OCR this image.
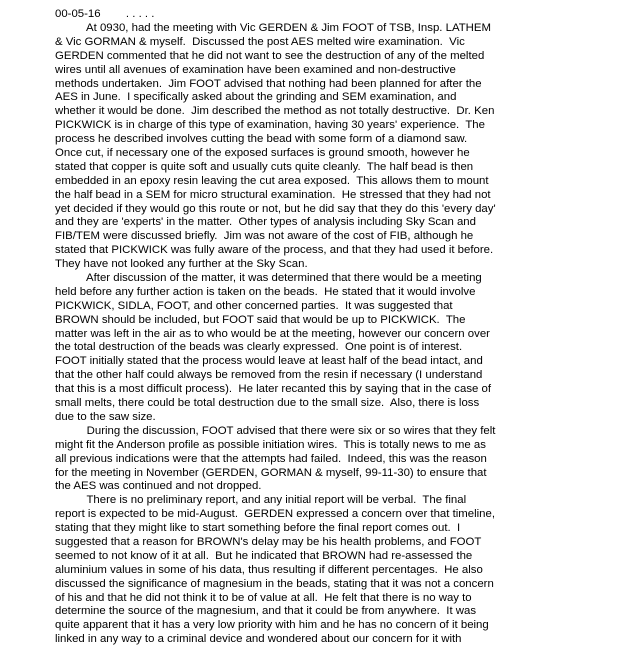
00-05-16        . . . . .
At 0930, had the meeting with Vic GERDEN & Jim FOOT of TSB, Insp. LATHEM
& Vic GORMAN & myself.  Discussed the post AES melted wire examination.  Vic
GERDEN commented that he did not want to see the destruction of any of the melted
wires until all avenues of examination have been examined and non-destructive
methods undertaken.  Jim FOOT advised that nothing had been planned for after the
AES in June.  I specifically asked about the grinding and SEM examination, and
whether it would be done.  Jim described the method as not totally destructive.  Dr. Ken
PICKWICK is in charge of this type of examination, having 30 years' experience.  The
process he described involves cutting the bead with some form of a diamond saw.
Once cut, if necessary one of the exposed surfaces is ground smooth, however he
stated that copper is quite soft and usually cuts quite cleanly.  The half bead is then
embedded in an epoxy resin leaving the cut area exposed.  This allows them to mount
the half bead in a SEM for micro structural examination.  He stressed that they had not
yet decided if they would go this route or not, but he did say that they do this 'every day'
and they are 'experts' in the matter.  Other types of analysis including Sky Scan and
FIB/TEM were discussed briefly.  Jim was not aware of the cost of FIB, although he
stated that PICKWICK was fully aware of the process, and that they had used it before.
They have not looked any further at the Sky Scan.
After discussion of the matter, it was determined that there would be a meeting
held before any further action is taken on the beads.  He stated that it would involve
PICKWICK, SIDLA, FOOT, and other concerned parties.  It was suggested that
BROWN should be included, but FOOT said that would be up to PICKWICK.  The
matter was left in the air as to who would be at the meeting, however our concern over
the total destruction of the beads was clearly expressed.  One point is of interest.
FOOT initially stated that the process would leave at least half of the bead intact, and
that the other half could always be removed from the resin if necessary (I understand
that this is a most difficult process).  He later recanted this by saying that in the case of
small melts, there could be total destruction due to the small size.  Also, there is loss
due to the saw size.
During the discussion, FOOT advised that there were six or so wires that they felt
might fit the Anderson profile as possible initiation wires.  This is totally news to me as
all previous indications were that the attempts had failed.  Indeed, this was the reason
for the meeting in November (GERDEN, GORMAN & myself, 99-11-30) to ensure that
the AES was continued and not dropped.
There is no preliminary report, and any initial report will be verbal.  The final
report is expected to be mid-August.  GERDEN expressed a concern over that timeline,
stating that they might like to start something before the final report comes out.  I
suggested that a reason for BROWN's delay may be his health problems, and FOOT
seemed to not know of it at all.  But he indicated that BROWN had re-assessed the
aluminium values in some of his data, thus resulting if different percentages.  He also
discussed the significance of magnesium in the beads, stating that it was not a concern
of his and that he did not think it to be of value at all.  He felt that there is no way to
determine the source of the magnesium, and that it could be from anywhere.  It was
quite apparent that it has a very low priority with him and he has no concern of it being
linked in any way to a criminal device and wondered about our concern for it with
